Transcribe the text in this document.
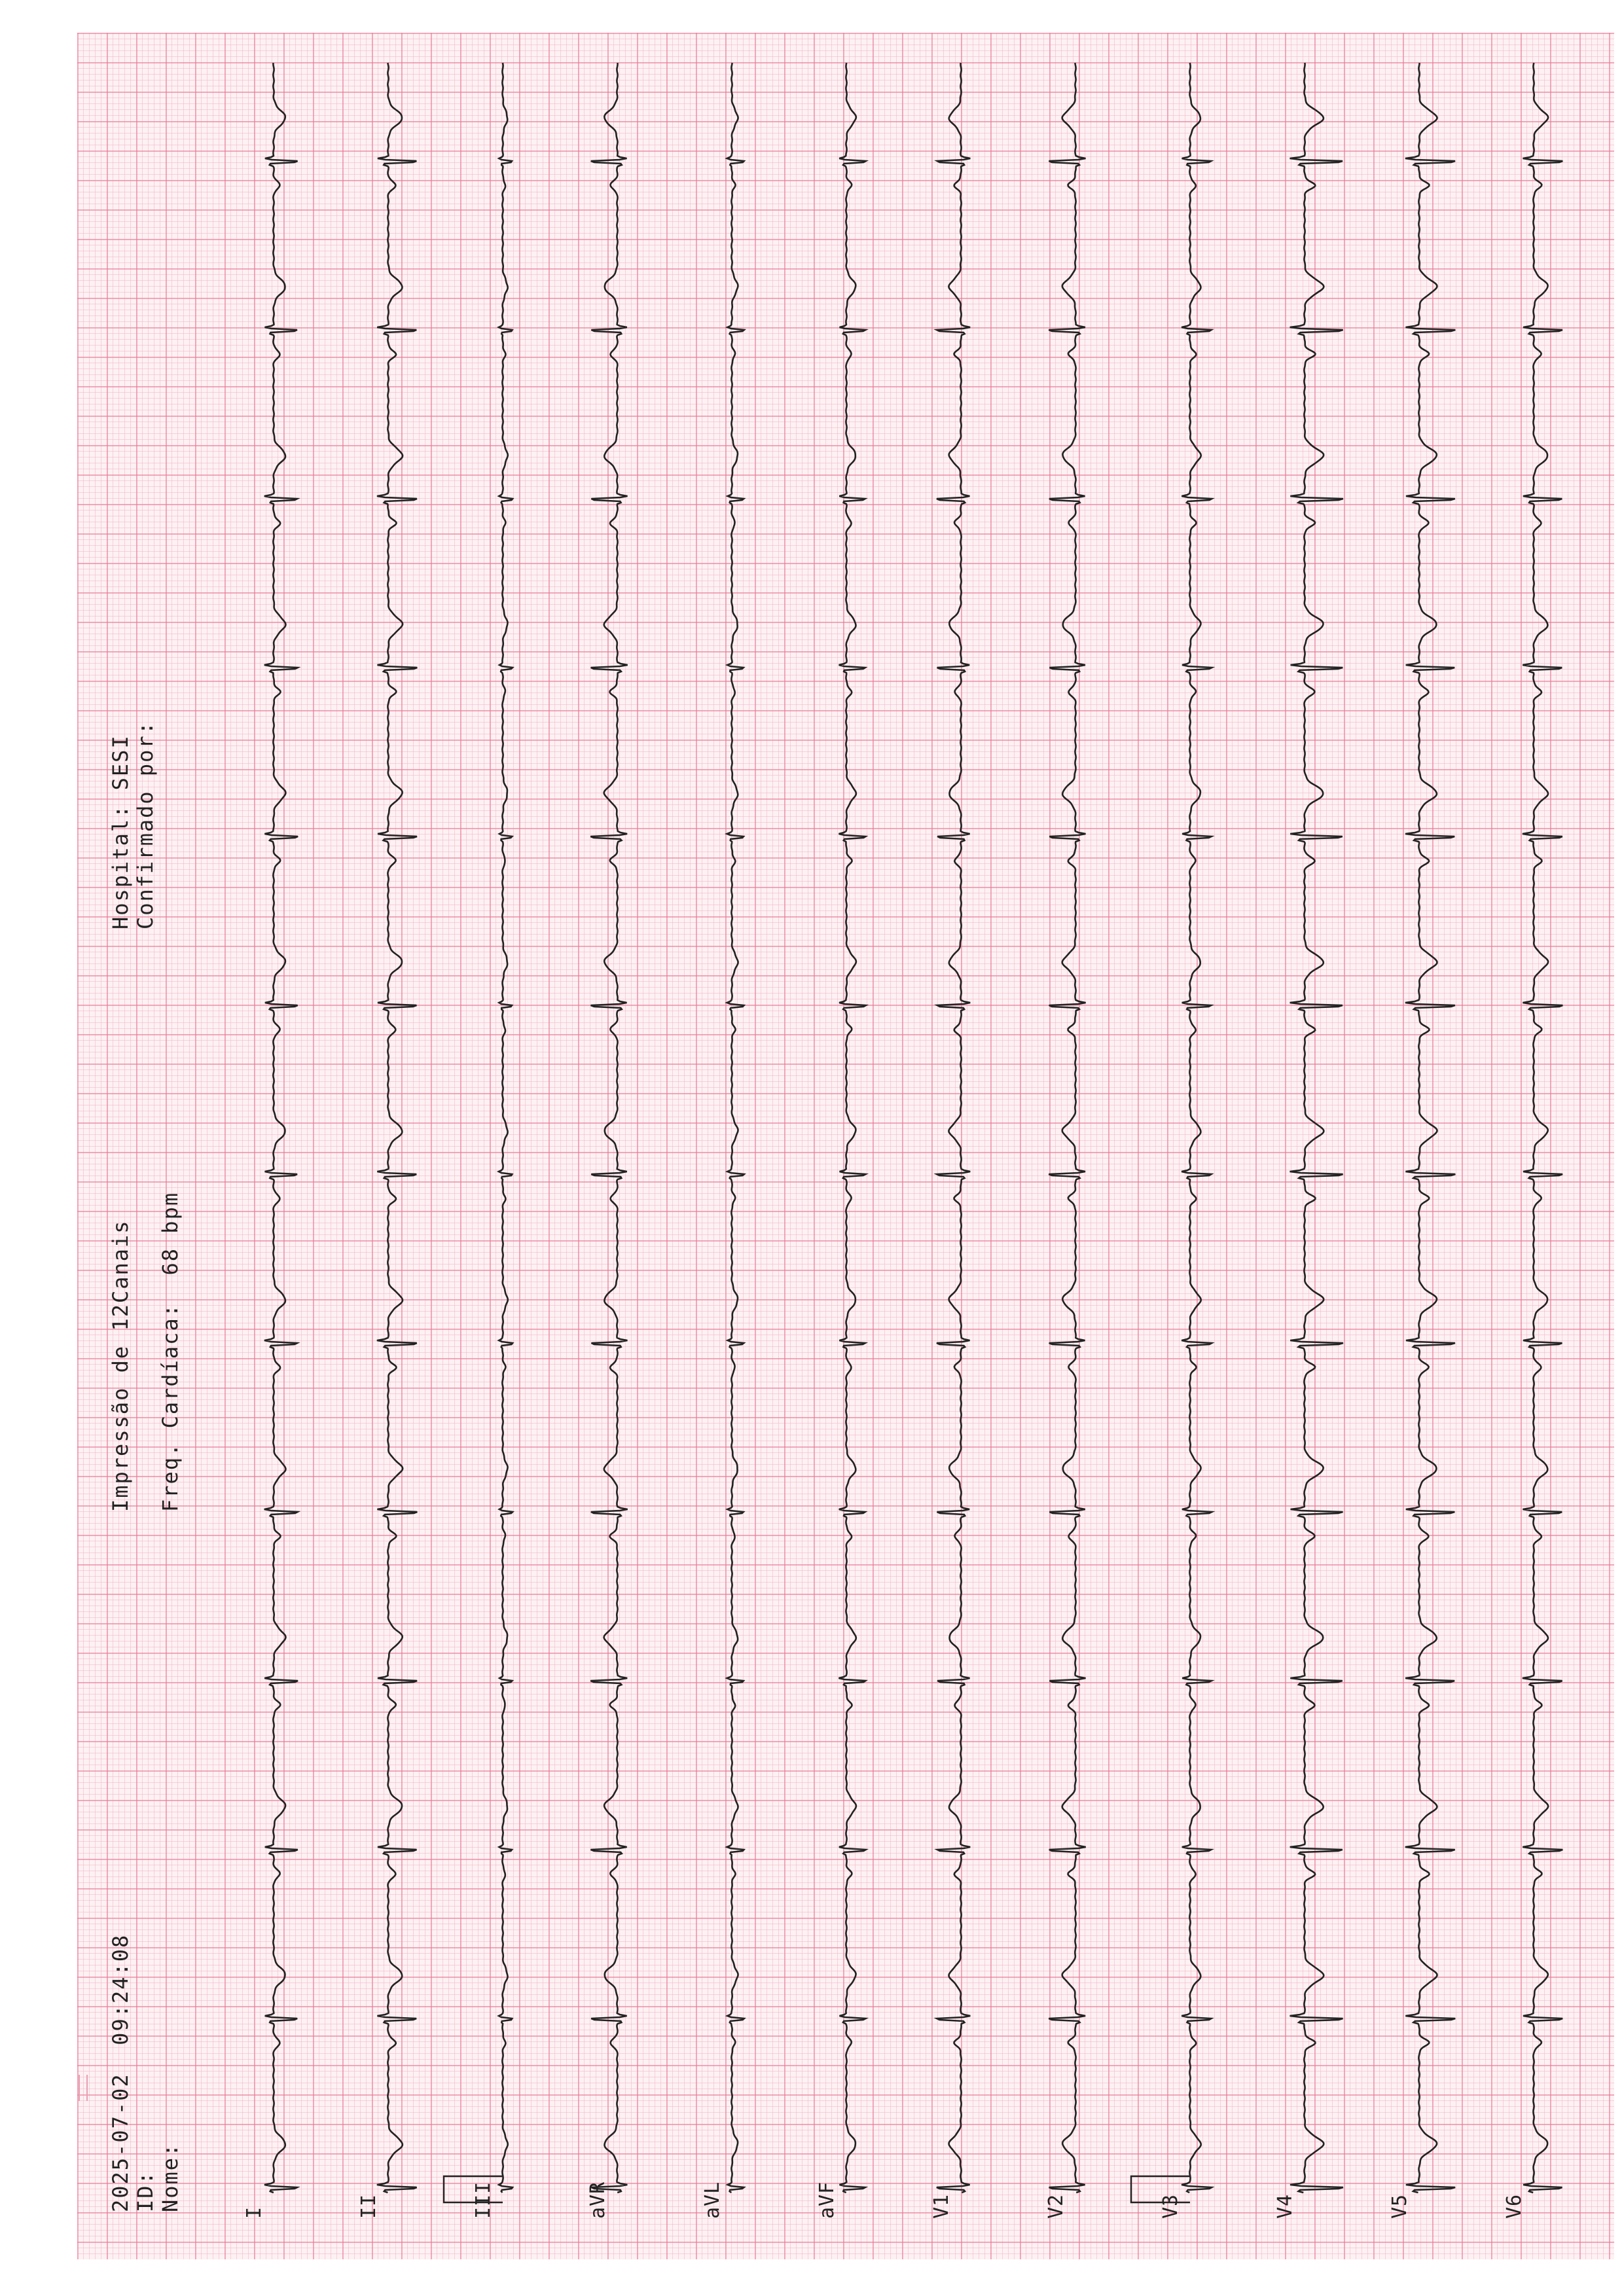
2025-07-02  09:24:08 ID: Nome:
Impressão de 12Canais Freq. Cardíaca:  68 bpm
Hospital: SESI Confirmado por:
I	II	III	aVR	aVL	aVF	V1	V2	V3	V4	V5	V6
